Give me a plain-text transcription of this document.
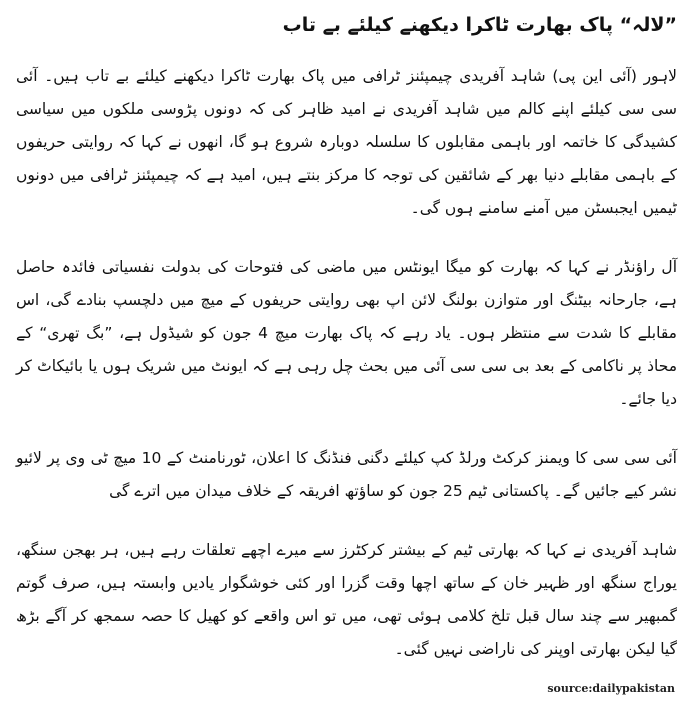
”لالہ“ پاک بھارت ٹاکرا دیکھنے کیلئے بے تاب

لاہور (آئی این پی) شاہد آفریدی چیمپئنز ٹرافی میں پاک بھارت ٹاکرا دیکھنے کیلئے بے تاب ہیں۔ آئی سی سی کیلئے اپنے کالم میں شاہد آفریدی نے امید ظاہر کی کہ دونوں پڑوسی ملکوں میں سیاسی کشیدگی کا خاتمہ اور باہمی مقابلوں کا سلسلہ دوبارہ شروع ہو گا، انھوں نے کہا کہ روایتی حریفوں کے باہمی مقابلے دنیا بھر کے شائقین کی توجہ کا مرکز بنتے ہیں، امید ہے کہ چیمپئنز ٹرافی میں دونوں ٹیمیں ایجبسٹن میں آمنے سامنے ہوں گی۔

آل راؤنڈر نے کہا کہ بھارت کو میگا ایونٹس میں ماضی کی فتوحات کی بدولت نفسیاتی فائدہ حاصل ہے، جارحانہ بیٹنگ اور متوازن بولنگ لائن اپ بھی روایتی حریفوں کے میچ میں دلچسپ بنادے گی، اس مقابلے کا شدت سے منتظر ہوں۔ یاد رہے کہ پاک بھارت میچ 4 جون کو شیڈول ہے، ”بگ تھری“ کے محاذ پر ناکامی کے بعد بی سی سی آئی میں بحث چل رہی ہے کہ ایونٹ میں شریک ہوں یا بائیکاٹ کر دیا جائے۔

آئی سی سی کا ویمنز کرکٹ ورلڈ کپ کیلئے دگنی فنڈنگ کا اعلان، ٹورنامنٹ کے 10 میچ ٹی وی پر لائیو نشر کیے جائیں گے۔ پاکستانی ٹیم 25 جون کو ساؤتھ افریقہ کے خلاف میدان میں اترے گی

شاہد آفریدی نے کہا کہ بھارتی ٹیم کے بیشتر کرکٹرز سے میرے اچھے تعلقات رہے ہیں، ہر بھجن سنگھ، یوراج سنگھ اور ظہیر خان کے ساتھ اچھا وقت گزرا اور کئی خوشگوار یادیں وابستہ ہیں، صرف گوتم گمبھیر سے چند سال قبل تلخ کلامی ہوئی تھی، میں تو اس واقعے کو کھیل کا حصہ سمجھ کر آگے بڑھ گیا لیکن بھارتی اوپنر کی ناراضی نہیں گئی۔

source:dailypakistan
